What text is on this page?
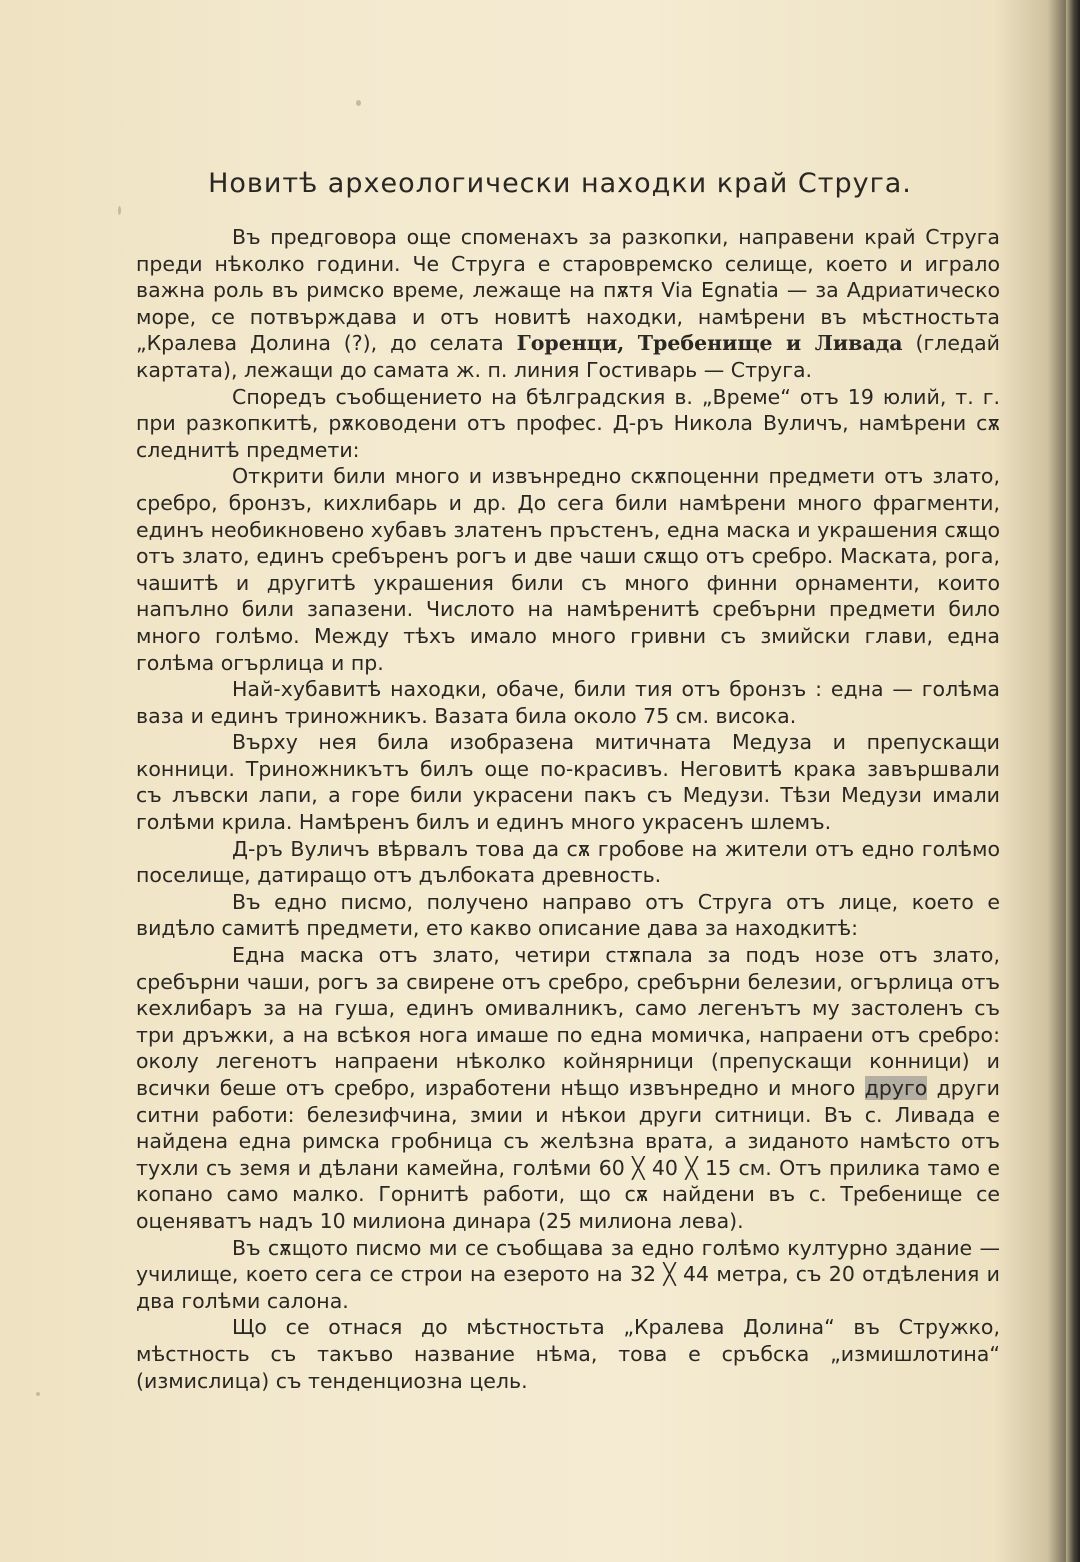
Новитѣ археологически находки край Струга.

Въ предговора още споменахъ за разкопки, направени край Струга преди нѣколко години. Че Струга е старовремско селище, което и играло важна роль въ римско време, лежаще на пѫтя Via Egnatia — за Адриатическо море, се потвърждава и отъ новитѣ находки, намѣрени въ мѣстностьта „Кралева Долина (?), до селата Горенци, Требенище и Ливада (гледай картата), лежащи до самата ж. п. линия Гостиварь — Струга.

Споредъ съобщението на бѣлградския в. „Време“ отъ 19 юлий, т. г. при разкопкитѣ, рѫководени отъ профес. Д-ръ Никола Вуличъ, намѣрени сѫ следнитѣ предмети:

Открити били много и извънредно скѫпоценни предмети отъ злато, сребро, бронзъ, кихлибарь и др. До сега били намѣрени много фрагменти, единъ необикновено хубавъ златенъ пръстенъ, една маска и украшения сѫщо отъ злато, единъ сребъренъ рогъ и две чаши сѫщо отъ сребро. Маската, рога, чашитѣ и другитѣ украшения били съ много финни орнаменти, които напълно били запазени. Числото на намѣренитѣ сребърни предмети било много голѣмо. Между тѣхъ имало много гривни съ змийски глави, една голѣма огърлица и пр.

Най-хубавитѣ находки, обаче, били тия отъ бронзъ : една — голѣма ваза и единъ триножникъ. Вазата била около 75 см. висока.

Върху нея била изобразена митичната Медуза и препускащи конници. Триножникътъ билъ още по-красивъ. Неговитѣ крака завършвали съ лъвски лапи, а горе били украсени пакъ съ Медузи. Тѣзи Медузи имали голѣми крила. Намѣренъ билъ и единъ много украсенъ шлемъ.

Д-ръ Вуличъ вѣрвалъ това да сѫ гробове на жители отъ едно голѣмо поселище, датиращо отъ дълбоката древность.

Въ едно писмо, получено направо отъ Струга отъ лице, което е видѣло самитѣ предмети, ето какво описание дава за находкитѣ:

Една маска отъ злато, четири стѫпала за подъ нозе отъ злато, сребърни чаши, рогъ за свирене отъ сребро, сребърни белезии, огърлица отъ кехлибаръ за на гуша, единъ омивалникъ, само легенътъ му застоленъ съ три дръжки, а на всѣкоя нога имаше по една момичка, напраени отъ сребро: околу легенотъ напраени нѣколко койнярници (препускащи конници) и всички беше отъ сребро, изработени нѣщо извънредно и много друго други ситни работи: белезифчина, змии и нѣкои други ситници. Въ с. Ливада е найдена една римска гробница съ желѣзна врата, а зиданото намѣсто отъ тухли съ земя и дѣлани камейна, голѣми 60 ╳ 40 ╳ 15 см. Отъ прилика тамо е копано само малко. Горнитѣ работи, що сѫ найдени въ с. Требенище се оценяватъ надъ 10 милиона динара (25 милиона лева).

Въ сѫщото писмо ми се съобщава за едно голѣмо културно здание — училище, което сега се строи на езерото на 32 ╳ 44 метра, съ 20 отдѣления и два голѣми салона.

Що се отнася до мѣстностьта „Кралева Долина“ въ Стружко, мѣстность съ такъво название нѣма, това е сръбска „измишлотина“ (измислица) съ тенденциозна цель.
